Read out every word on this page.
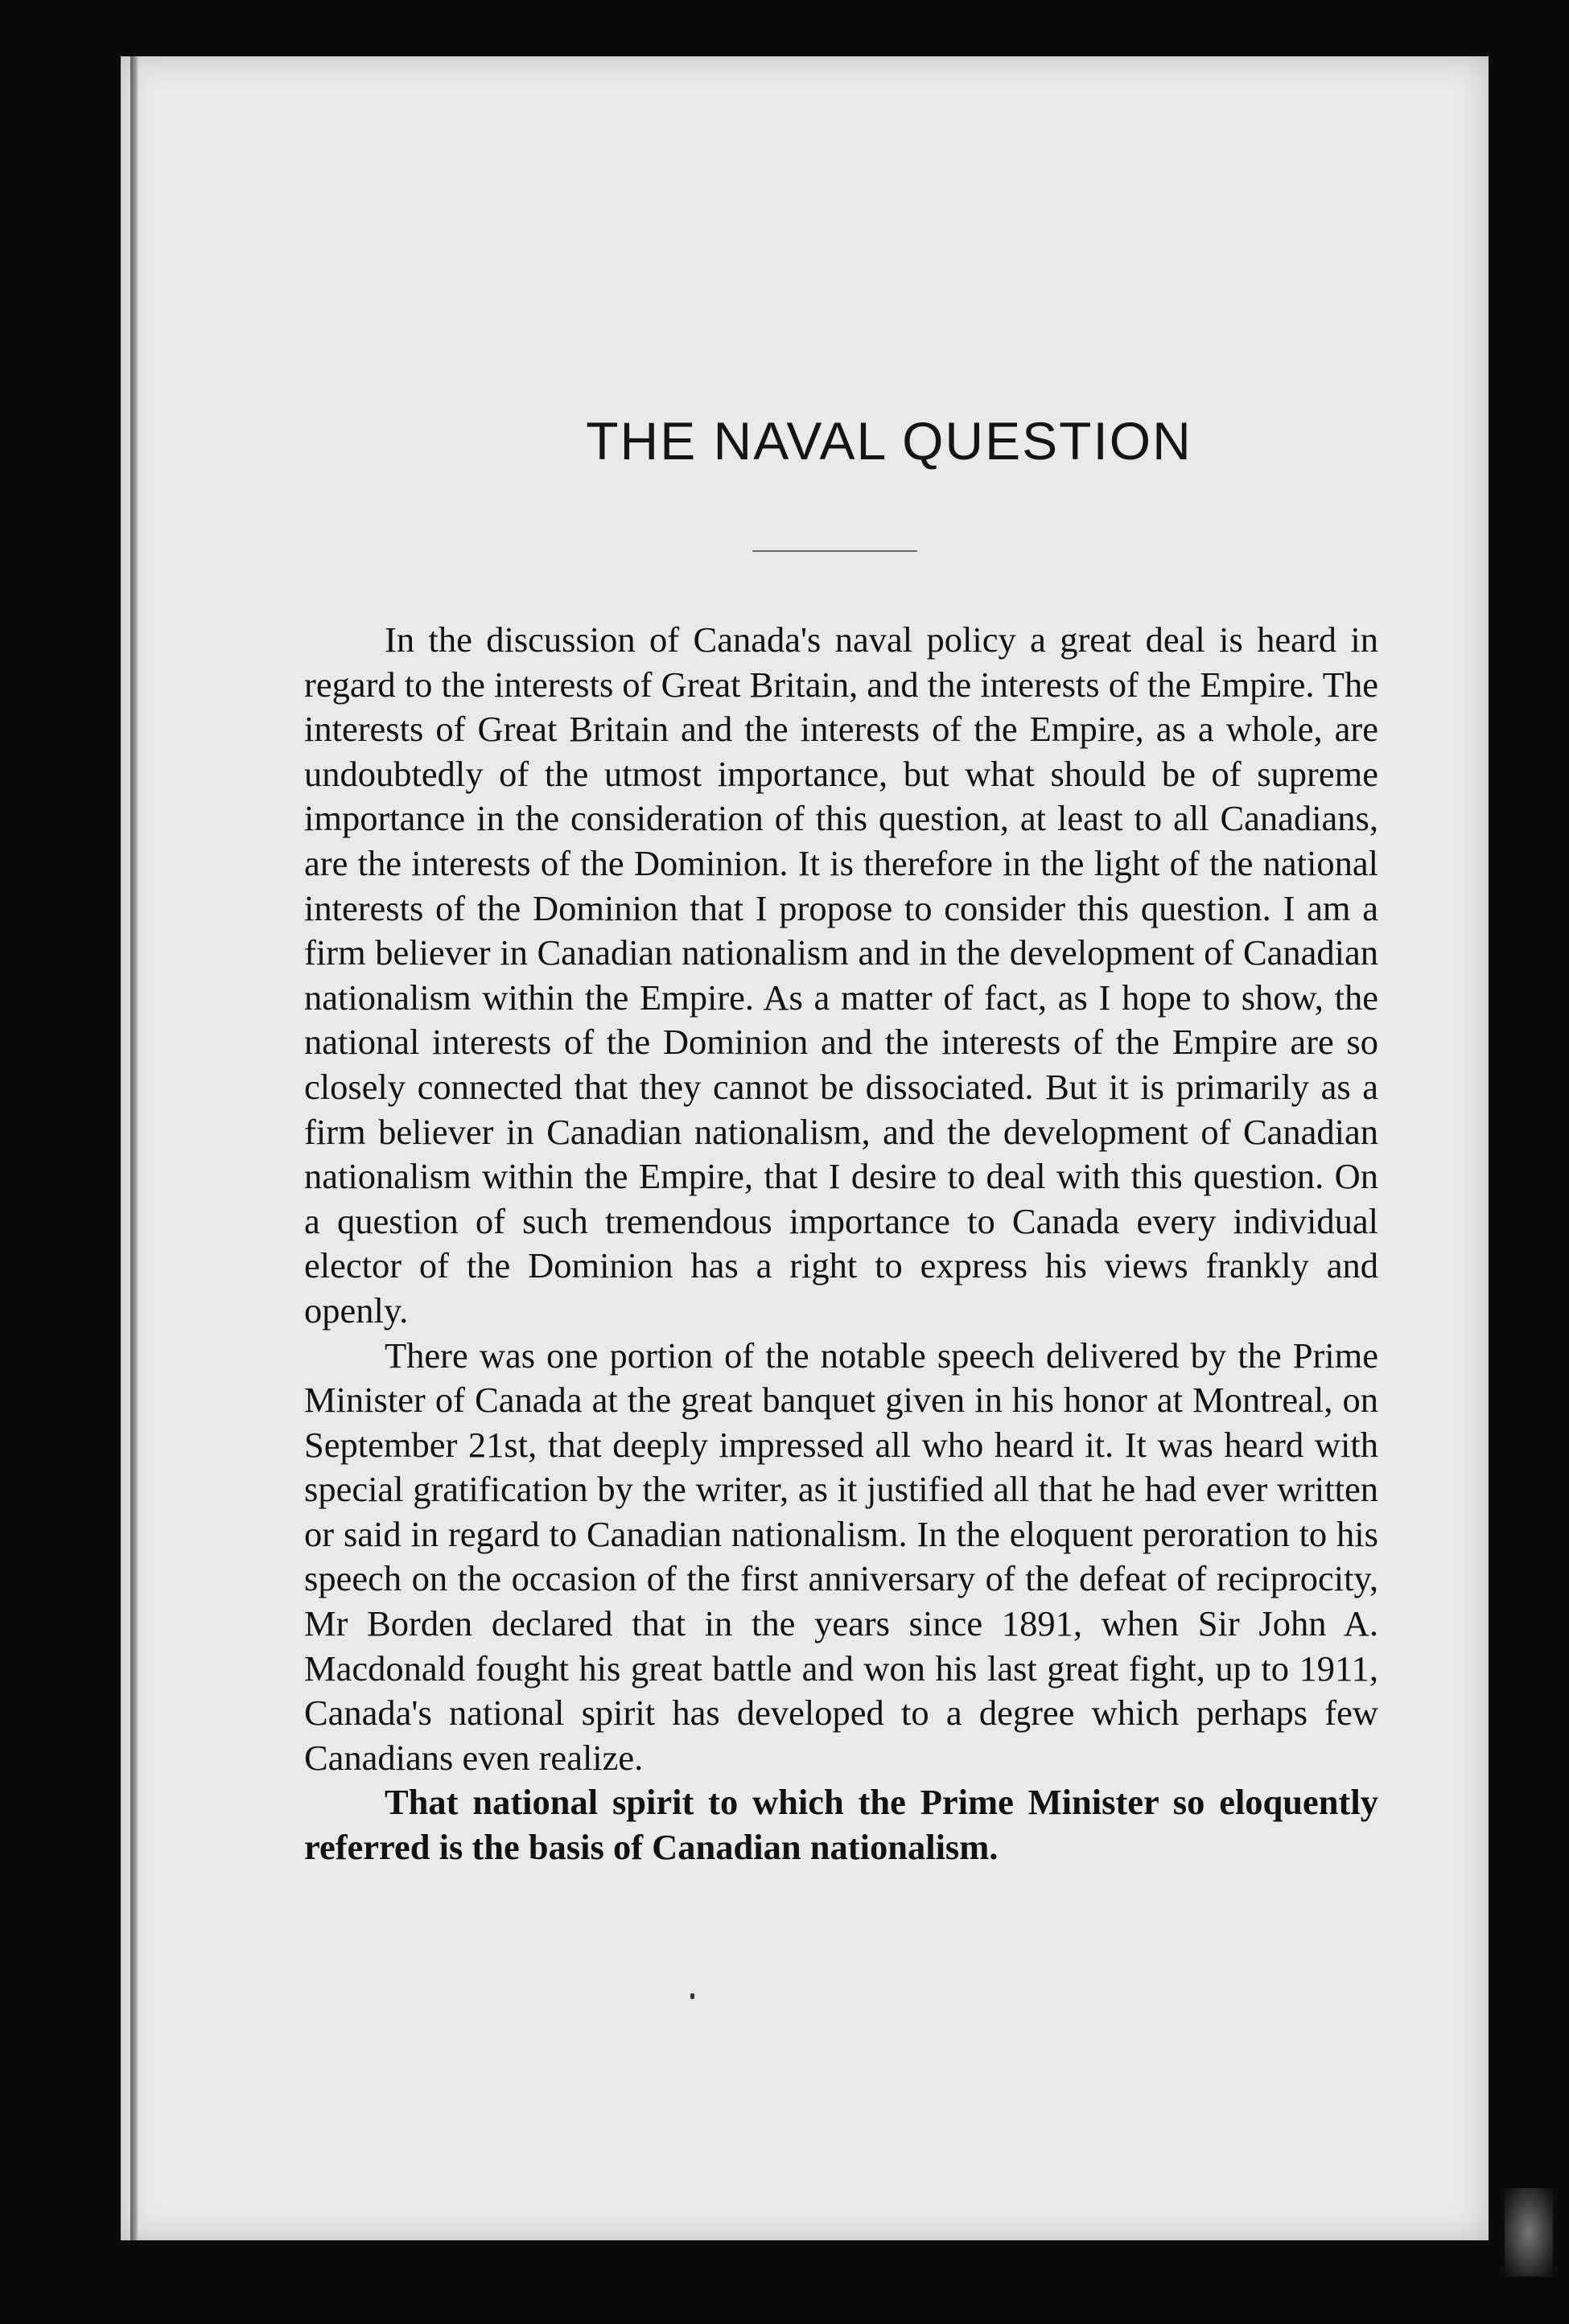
THE NAVAL QUESTION

In the discussion of Canada's naval policy a great deal is heard in regard to the interests of Great Britain, and the interests of the Empire. The interests of Great Britain and the interests of the Empire, as a whole, are undoubtedly of the utmost importance, but what should be of supreme importance in the consideration of this question, at least to all Canadians, are the interests of the Dominion. It is therefore in the light of the national interests of the Dominion that I propose to consider this question. I am a firm believer in Canadian nationalism and in the development of Canadian nationalism within the Empire. As a matter of fact, as I hope to show, the national interests of the Dominion and the interests of the Empire are so closely connected that they cannot be dissociated. But it is primarily as a firm believer in Canadian nationalism, and the development of Canadian nationalism within the Empire, that I desire to deal with this question. On a question of such tremendous importance to Canada every individual elector of the Dominion has a right to express his views frankly and openly.

There was one portion of the notable speech delivered by the Prime Minister of Canada at the great banquet given in his honor at Montreal, on September 21st, that deeply impressed all who heard it. It was heard with special gratification by the writer, as it justified all that he had ever written or said in regard to Canadian nationalism. In the eloquent peroration to his speech on the occasion of the first anniversary of the defeat of reciprocity, Mr Borden declared that in the years since 1891, when Sir John A. Macdonald fought his great battle and won his last great fight, up to 1911, Canada's national spirit has developed to a degree which perhaps few Canadians even realize.

That national spirit to which the Prime Minister so eloquently referred is the basis of Canadian nationalism.
